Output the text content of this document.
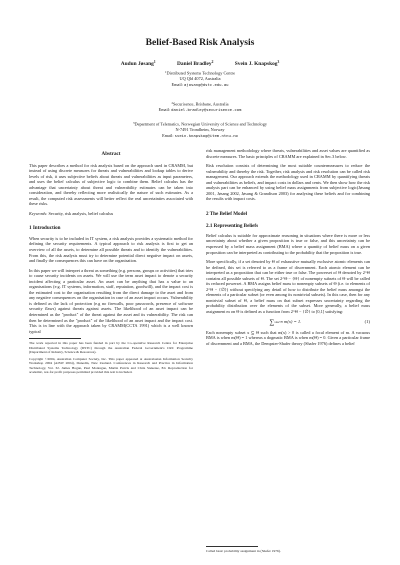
Belief-Based Risk Analysis
Audun Jøsang$^1$	Daniel Bradley$^2$	Svein J. Knapskog$^3$
$^1$Distributed Systems Technology Centre
UQ Qld 4072, Australia
Email: ajosang@dstc.edu.au
$^2$Securisence, Brisbane, Australia
Email: daniel.bradley@securisence.com
$^3$Department of Telematics, Norwegian University of Science and Technology
N-7491 Trondheim, Norway
Email: svein.knapskog@item.ntnu.no
Abstract
This paper describes a method for risk analysis based on the approach used in CRAMM, but instead of using discrete measures for threats and vulnerabilities and lookup tables to derive levels of risk, it uses subjective beliefs about threats and vulnerabilities as input parameters, and uses the belief calculus of subjective logic to combine them. Belief calculus has the advantage that uncertainty about threat and vulnerability estimates can be taken into consideration, and thereby reflecting more realistically the nature of such estimates. As a result, the computed risk assessments will better reflect the real uncertainties associated with these risks.
Keywords: Security, risk analysis, belief calculus
1 Introduction
When security is to be included in IT system, a risk analysis provides a systematic method for defining the security requirements. A typical approach to risk analysis is first to get an overview of all the assets, to determine all possible threats and to identify the vulnerabilities. From this, the risk analysis must try to determine potential direct negative impact on assets, and finally the consequences this can have on the organisation.
In this paper we will interpret a threat as something (e.g. persons, groups or activities) that tries to cause security incidents on assets. We will use the term asset impact to denote a security incident affecting a particular asset. An asset can be anything that has a value to an organisations (e.g. IT systems, information, staff, reputation, goodwill), and the impact cost is the estimated cost to the organisation resulting from the direct damage to the asset and from any negative consequences on the organisation in case of an asset impact occurs. Vulnerability is defined as the lack of protection (e.g no firewalls, poor passwords, presence of software security flaws) against threats against assets. The likelihood of an asset impact can be determined as the "product" of the threat against the asset and its vulnerability. The risk can then be determined as the "product" of the likelihood of an asset impact and the impact cost. This is in line with the approach taken by CRAMM(CCTA 1991) which is a well known typical
The work reported in this paper has been funded in part by the Co-operative Research Centre for Enterprise Distributed Systems Technology (DSTC) through the Australian Federal Government's CRC Programme (Department of Industry, Science & Resources).
Copyright ©2004, Australian Computer Society, Inc. This paper appeared at Australasian Information Security Workshop 2004 (AISW 2004), Dunedin, New Zealand. Conferences in Research and Practice in Information Technology, Vol. 32. James Hogan, Paul Montague, Martin Purvis and Chris Steketee, Ed. Reproduction for academic, not-for profit purposes permitted provided this text is included.
risk management methodology where threats, vulnerabilities and asset values are quantified as discrete measures. The basic principles of CRAMM are explained in Sec.3 below.
Risk resolution consists of determining the most suitable countermeasures to reduce the vulnerability and thereby the risk. Together, risk analysis and risk resolution can be called risk management. Our approach extends the methodology used in CRAMM by quantifying threats and vulnerabilities as beliefs, and impact costs in dollars and cents. We then show how the risk analysis part can be enhanced by using belief mass assignments from subjective logic(Jøsang 2001, Jøsang 2002, Jøsang & Grandison 2003) for analysing these beliefs and for combining the results with impact costs.
2 The Belief Model
2.1 Representing Beliefs
Belief calculus is suitable for approximate reasoning in situations where there is more or less uncertainty about whether a given proposition is true or false, and this uncertainty can be expressed by a belief mass assignment (BMA) where a quantity of belief mass on a given proposition can be interpreted as contributing to the probability that the proposition is true.
More specifically, if a set denoted by Θ of exhaustive mutually exclusive atomic elements can be defined, this set is referred to as a frame of discernment. Each atomic element can be interpreted as a proposition that can be either true or false. The powerset of Θ denoted by 2^Θ contains all possible subsets of Θ. The set 2^Θ − {Θ} of nonempty subsets of Θ will be called its reduced powerset. A BMA assigns belief mass to nonempty subsets of Θ (i.e. to elements of 2^Θ − {∅}) without specifying any detail of how to distribute the belief mass amongst the elements of a particular subset (or even among its nontrivial subsets). In this case, then for any nontrivial subset of Θ, a belief mass on that subset expresses uncertainty regarding the probability distribution over the elements of the subset. More generally, a belief mass assignment m on Θ is defined as a function from 2^Θ − {∅} to [0,1] satisfying:
∑x∈2^Θ m(x) = 1.	(1)
Each nonempty subset x ⊆ Θ such that m(x) > 0 is called a focal element of m. A vacuous BMA is when m(Θ) = 1 whereas a dogmatic BMA is when m(Θ) = 0. Given a particular frame of discernment and a BMA, the Dempster-Shafer theory (Shafer 1976) defines a belief
Called basic probability assignment in (Shafer 1976).
